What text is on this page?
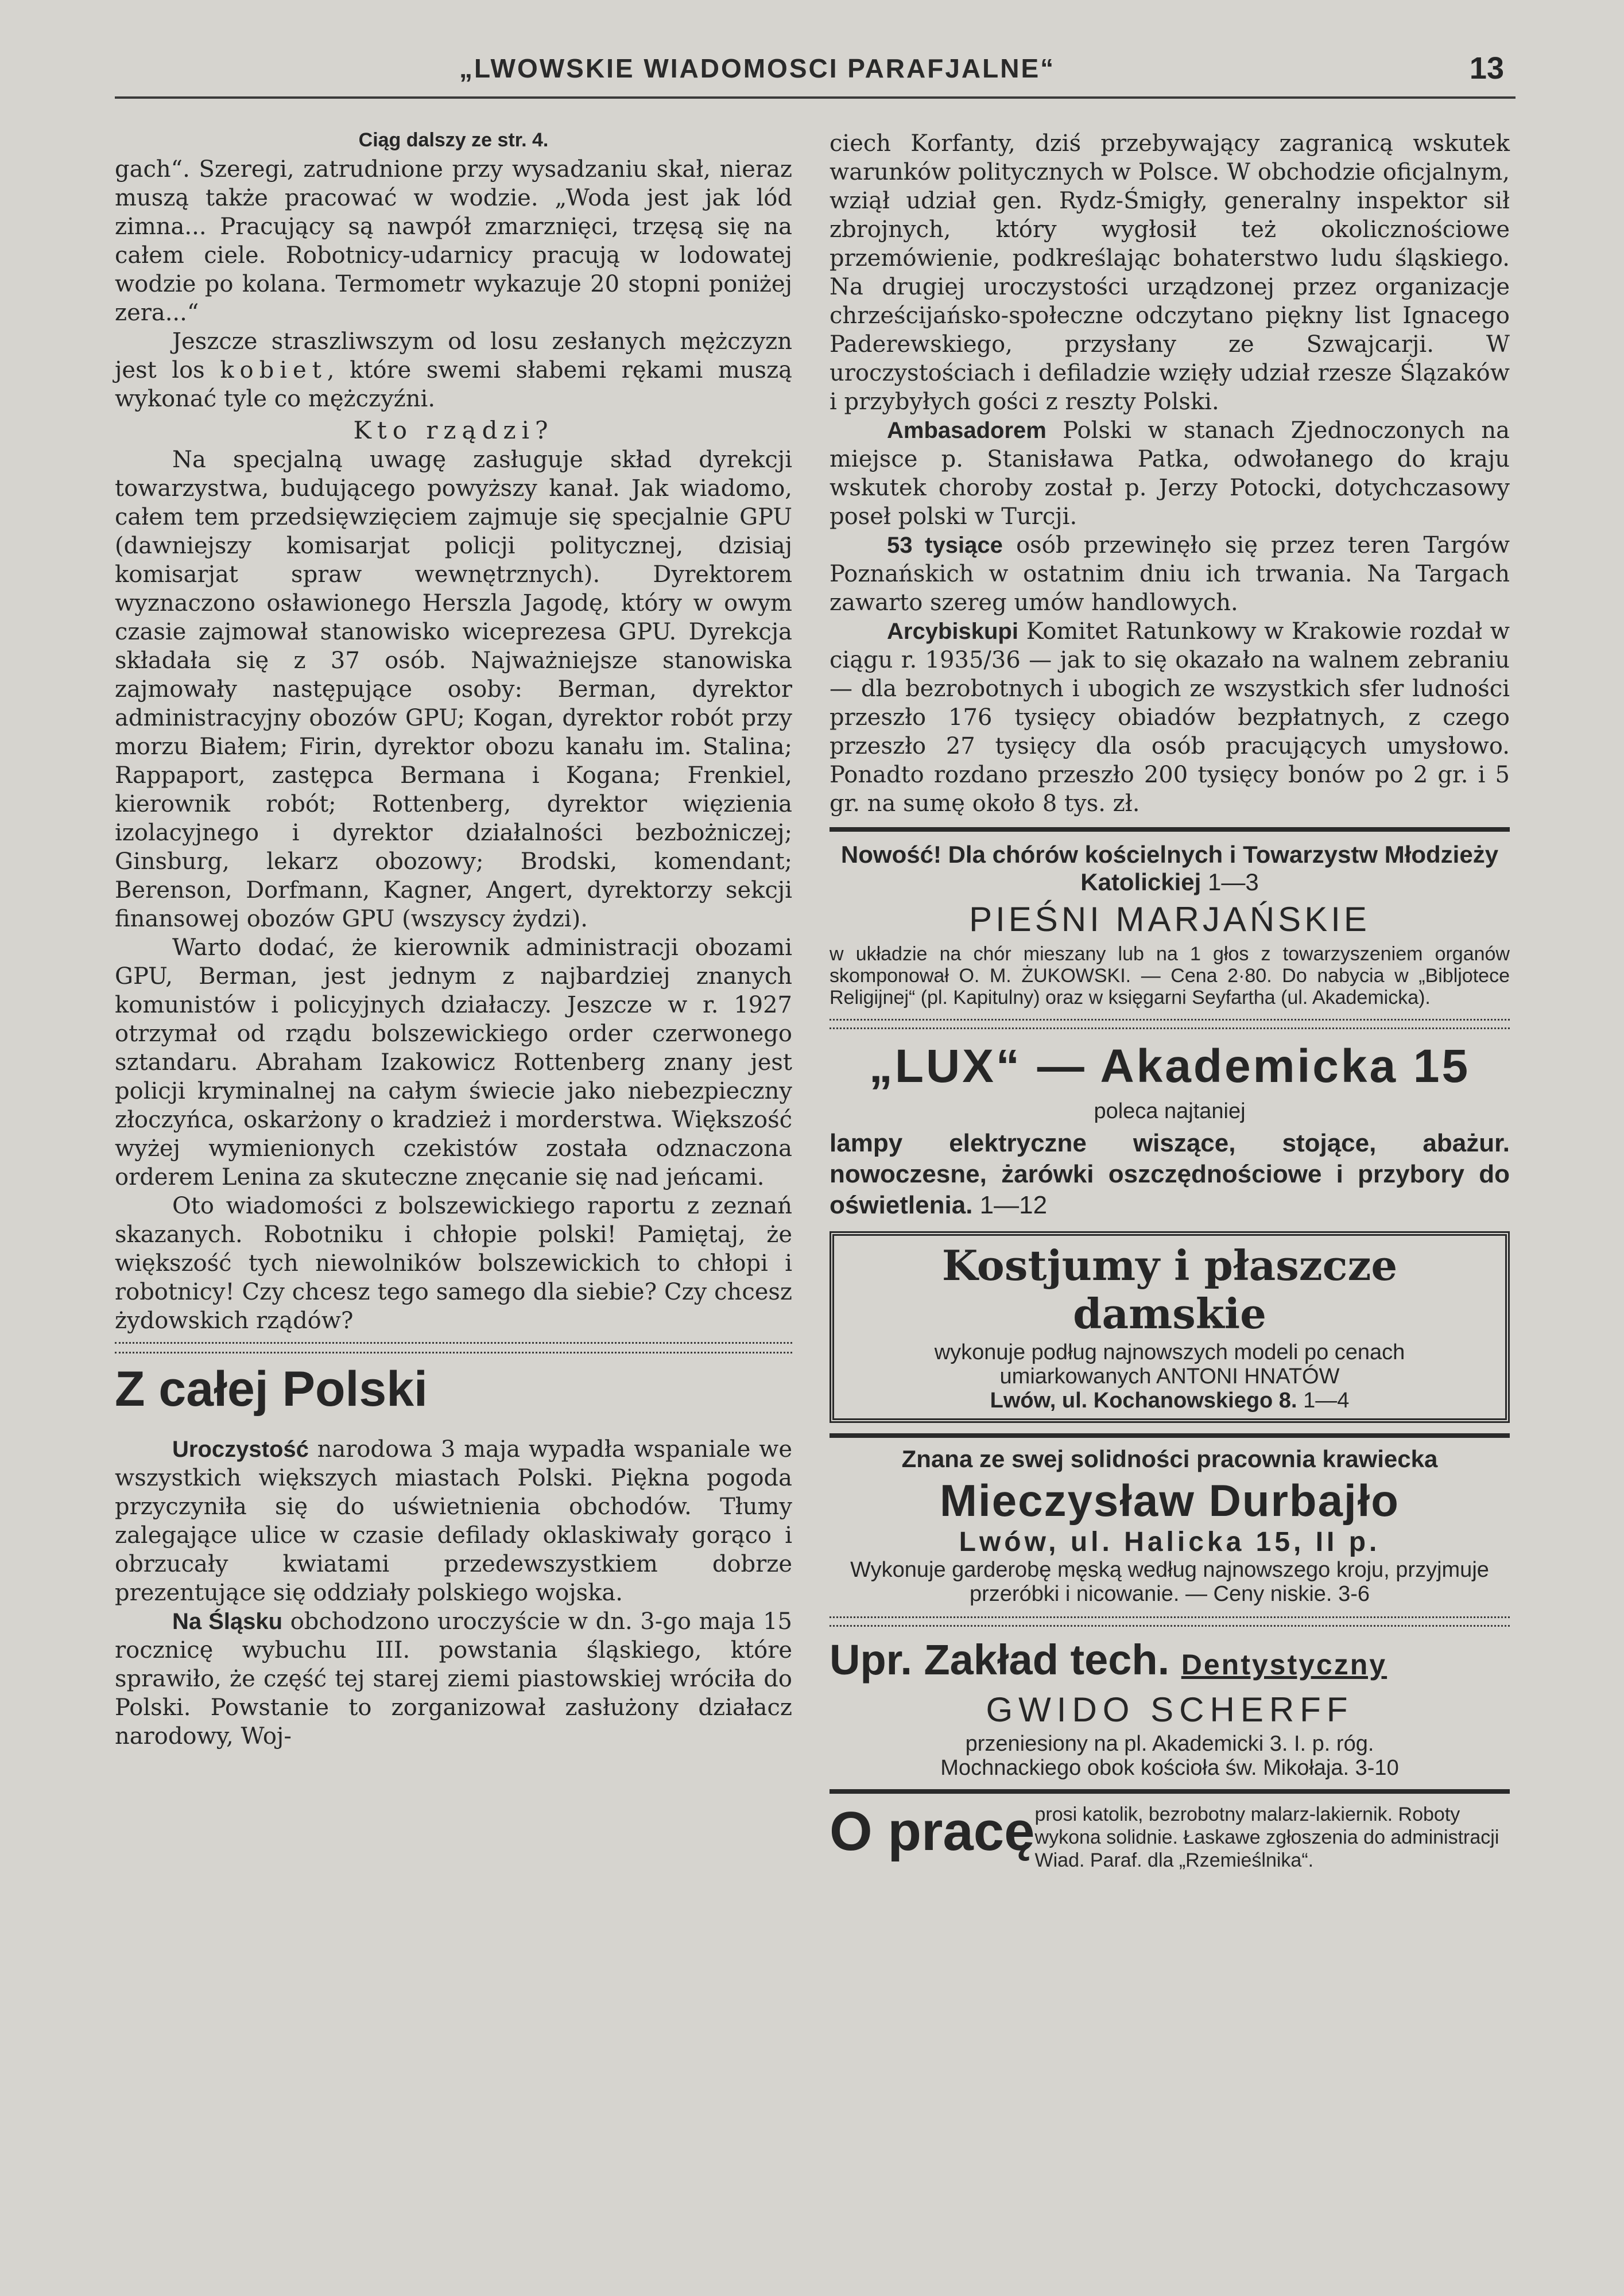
„LWOWSKIE WIADOMOSCI PARAFJALNE“	13
Ciąg dalszy ze str. 4.

gach“. Szeregi, zatrudnione przy wysadzaniu skał, nieraz muszą także pracować w wodzie. „Woda jest jak lód zimna... Pracujący są nawpół zmarznięci, trzęsą się na całem ciele. Robotnicy-udarnicy pracują w lodowatej wodzie po kolana. Termometr wykazuje 20 stopni poniżej zera...“

Jeszcze straszliwszym od losu zesłanych mężczyzn jest los kobiet, które swemi słabemi rękami muszą wykonać tyle co mężczyźni.

Kto rządzi?

Na specjalną uwagę zasługuje skład dyrekcji towarzystwa, budującego powyższy kanał. Jak wiadomo, całem tem przedsięwzięciem zajmuje się specjalnie GPU (dawniejszy komisarjat policji politycznej, dzisiaj komisarjat spraw wewnętrznych). Dyrektorem wyznaczono osławionego Herszla Jagodę, który w owym czasie zajmował stanowisko wiceprezesa GPU. Dyrekcja składała się z 37 osób. Najważniejsze stanowiska zajmowały następujące osoby: Berman, dyrektor administracyjny obozów GPU; Kogan, dyrektor robót przy morzu Białem; Firin, dyrektor obozu kanału im. Stalina; Rappaport, zastępca Bermana i Kogana; Frenkiel, kierownik robót; Rottenberg, dyrektor więzienia izolacyjnego i dyrektor działalności bezbożniczej; Ginsburg, lekarz obozowy; Brodski, komendant; Berenson, Dorfmann, Kagner, Angert, dyrektorzy sekcji finansowej obozów GPU (wszyscy żydzi).

Warto dodać, że kierownik administracji obozami GPU, Berman, jest jednym z najbardziej znanych komunistów i policyjnych działaczy. Jeszcze w r. 1927 otrzymał od rządu bolszewickiego order czerwonego sztandaru. Abraham Izakowicz Rottenberg znany jest policji kryminalnej na całym świecie jako niebezpieczny złoczyńca, oskarżony o kradzież i morderstwa. Większość wyżej wymienionych czekistów została odznaczona orderem Lenina za skuteczne znęcanie się nad jeńcami.

Oto wiadomości z bolszewickiego raportu z zeznań skazanych. Robotniku i chłopie polski! Pamiętaj, że większość tych niewolników bolszewickich to chłopi i robotnicy! Czy chcesz tego samego dla siebie? Czy chcesz żydowskich rządów?

Z całej Polski

Uroczystość narodowa 3 maja wypadła wspaniale we wszystkich większych miastach Polski. Piękna pogoda przyczyniła się do uświetnienia obchodów. Tłumy zalegające ulice w czasie defilady oklaskiwały gorąco i obrzucały kwiatami przedewszystkiem dobrze prezentujące się oddziały polskiego wojska.

Na Śląsku obchodzono uroczyście w dn. 3-go maja 15 rocznicę wybuchu III. powstania śląskiego, które sprawiło, że część tej starej ziemi piastowskiej wróciła do Polski. Powstanie to zorganizował zasłużony działacz narodowy, Woj-

ciech Korfanty, dziś przebywający zagranicą wskutek warunków politycznych w Polsce. W obchodzie oficjalnym, wziął udział gen. Rydz-Śmigły, generalny inspektor sił zbrojnych, który wygłosił też okolicznościowe przemówienie, podkreślając bohaterstwo ludu śląskiego. Na drugiej uroczystości urządzonej przez organizacje chrześcijańsko-społeczne odczytano piękny list Ignacego Paderewskiego, przysłany ze Szwajcarji. W uroczystościach i defiladzie wzięły udział rzesze Ślązaków i przybyłych gości z reszty Polski.

Ambasadorem Polski w stanach Zjednoczonych na miejsce p. Stanisława Patka, odwołanego do kraju wskutek choroby został p. Jerzy Potocki, dotychczasowy poseł polski w Turcji.

53 tysiące osób przewinęło się przez teren Targów Poznańskich w ostatnim dniu ich trwania. Na Targach zawarto szereg umów handlowych.

Arcybiskupi Komitet Ratunkowy w Krakowie rozdał w ciągu r. 1935/36 — jak to się okazało na walnem zebraniu — dla bezrobotnych i ubogich ze wszystkich sfer ludności przeszło 176 tysięcy obiadów bezpłatnych, z czego przeszło 27 tysięcy dla osób pracujących umysłowo. Ponadto rozdano przeszło 200 tysięcy bonów po 2 gr. i 5 gr. na sumę około 8 tys. zł.

Nowość! Dla chórów kościelnych i Towarzystw Młodzieży Katolickiej 1—3

PIEŚNI MARJAŃSKIE

w układzie na chór mieszany lub na 1 głos z towarzyszeniem organów skomponował O. M. ŻUKOWSKI. — Cena 2·80. Do nabycia w „Bibljotece Religijnej“ (pl. Kapitulny) oraz w księgarni Seyfartha (ul. Akademicka).

„LUX“ — Akademicka 15

poleca najtaniej

lampy elektryczne wiszące, stojące, abażur. nowoczesne, żarówki oszczędnościowe i przybory do oświetlenia. 1—12

Kostjumy i płaszcze damskie

wykonuje podług najnowszych modeli po cenach

umiarkowanych ANTONI HNATÓW

Lwów, ul. Kochanowskiego 8. 1—4

Znana ze swej solidności pracownia krawiecka

Mieczysław Durbajło

Lwów, ul. Halicka 15, II p.

Wykonuje garderobę męską według najnowszego kroju, przyjmuje przeróbki i nicowanie. — Ceny niskie. 3-6

Upr. Zakład tech. Dentystyczny
GWIDO SCHERFF

przeniesiony na pl. Akademicki 3. I. p. róg.

Mochnackiego obok kościoła św. Mikołaja. 3-10

O pracę prosi katolik, bezrobotny malarz-lakiernik. Roboty wykona solidnie. Łaskawe zgłoszenia do administracji Wiad. Paraf. dla „Rzemieślnika“.
